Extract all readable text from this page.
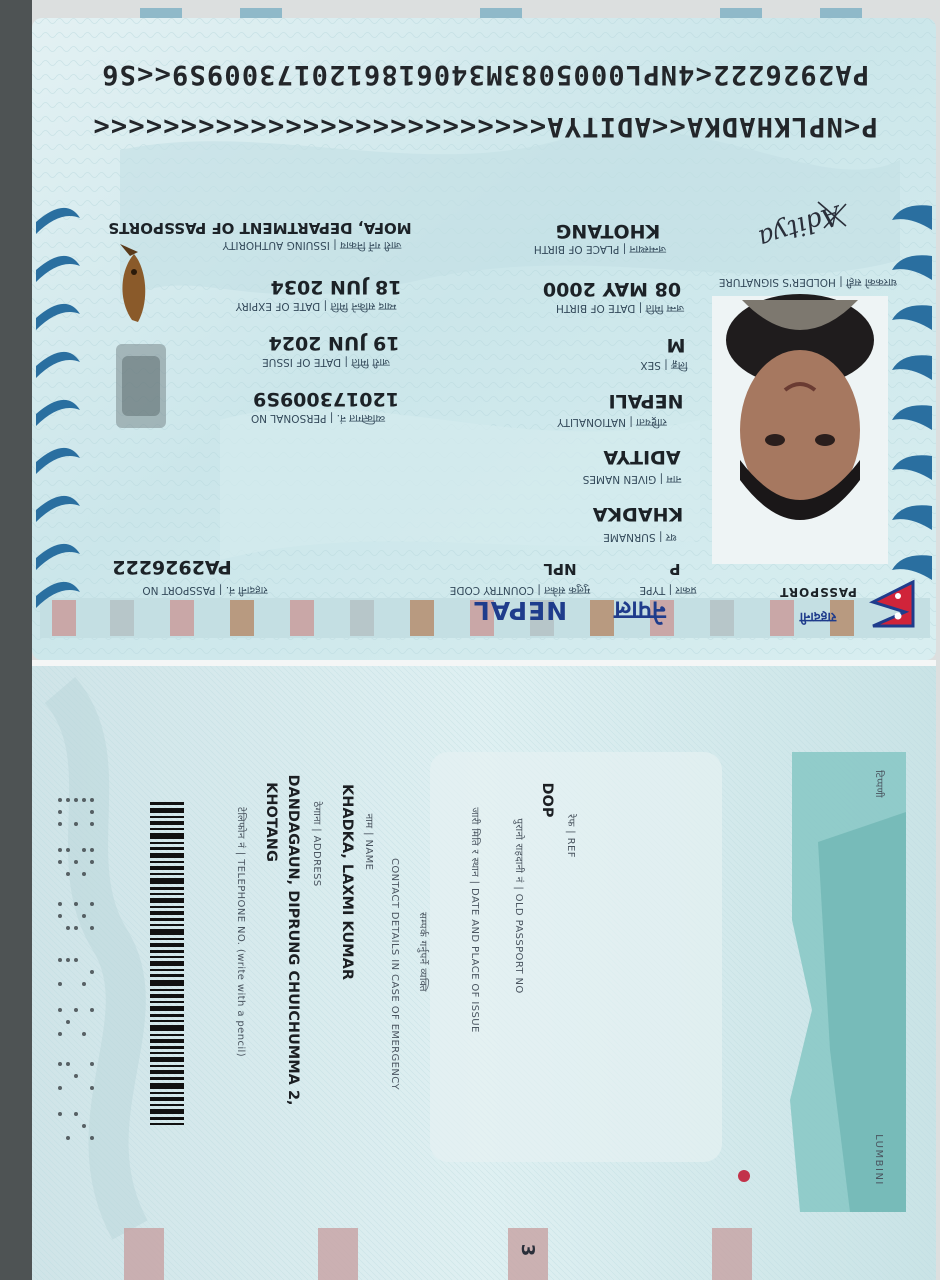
P<NPLKHADKA<<ADITYA<<<<<<<<<<<<<<<<<<<<<<<<<<
PA2926222<4NPL0005083M3406186120173009S9<<S6
राहदानी
PASSPORT
नेपाल
NEPAL
प्रकार | TYPE
P
मुलुक संकेत | COUNTRY CODE
NPL
राहदानी नं. | PASSPORT NO
PA2926222
थर | SURNAME
KHADKA
नाम | GIVEN NAMES
ADITYA
राष्ट्रियता | NATIONALITY
NEPALI
लिङ्ग | SEX
M
जन्म मिति | DATE OF BIRTH
08 MAY 2000
जन्मस्थान | PLACE OF BIRTH
KHOTANG
व्यक्तिगत नं. | PERSONAL NO
120173009S9
जारी मिति | DATE OF ISSUE
19 JUN 2024
म्याद सकिने मिति | DATE OF EXPIRY
18 JUN 2034
जारी गर्ने निकाय | ISSUING AUTHORITY
MOFA, DEPARTMENT OF PASSPORTS
धारकको सही | HOLDER'S SIGNATURE
Aditya
3
टिप्पणी
LUMBINI
रेफ | REF
DOP
पुरानो राहदानी नं | OLD PASSPORT NO
जारी मिति र स्थान | DATE AND PLACE OF ISSUE
सम्पर्क गर्नुपर्ने व्यक्ति
CONTACT DETAILS IN CASE OF EMERGENCY
नाम | NAME
KHADKA, LAXMI KUMAR
ठेगाना | ADDRESS
DANDAGAUN, DIPRUNG CHUICHUMMA 2,
KHOTANG
टेलिफोन नं | TELEPHONE NO. (write with a pencil)
